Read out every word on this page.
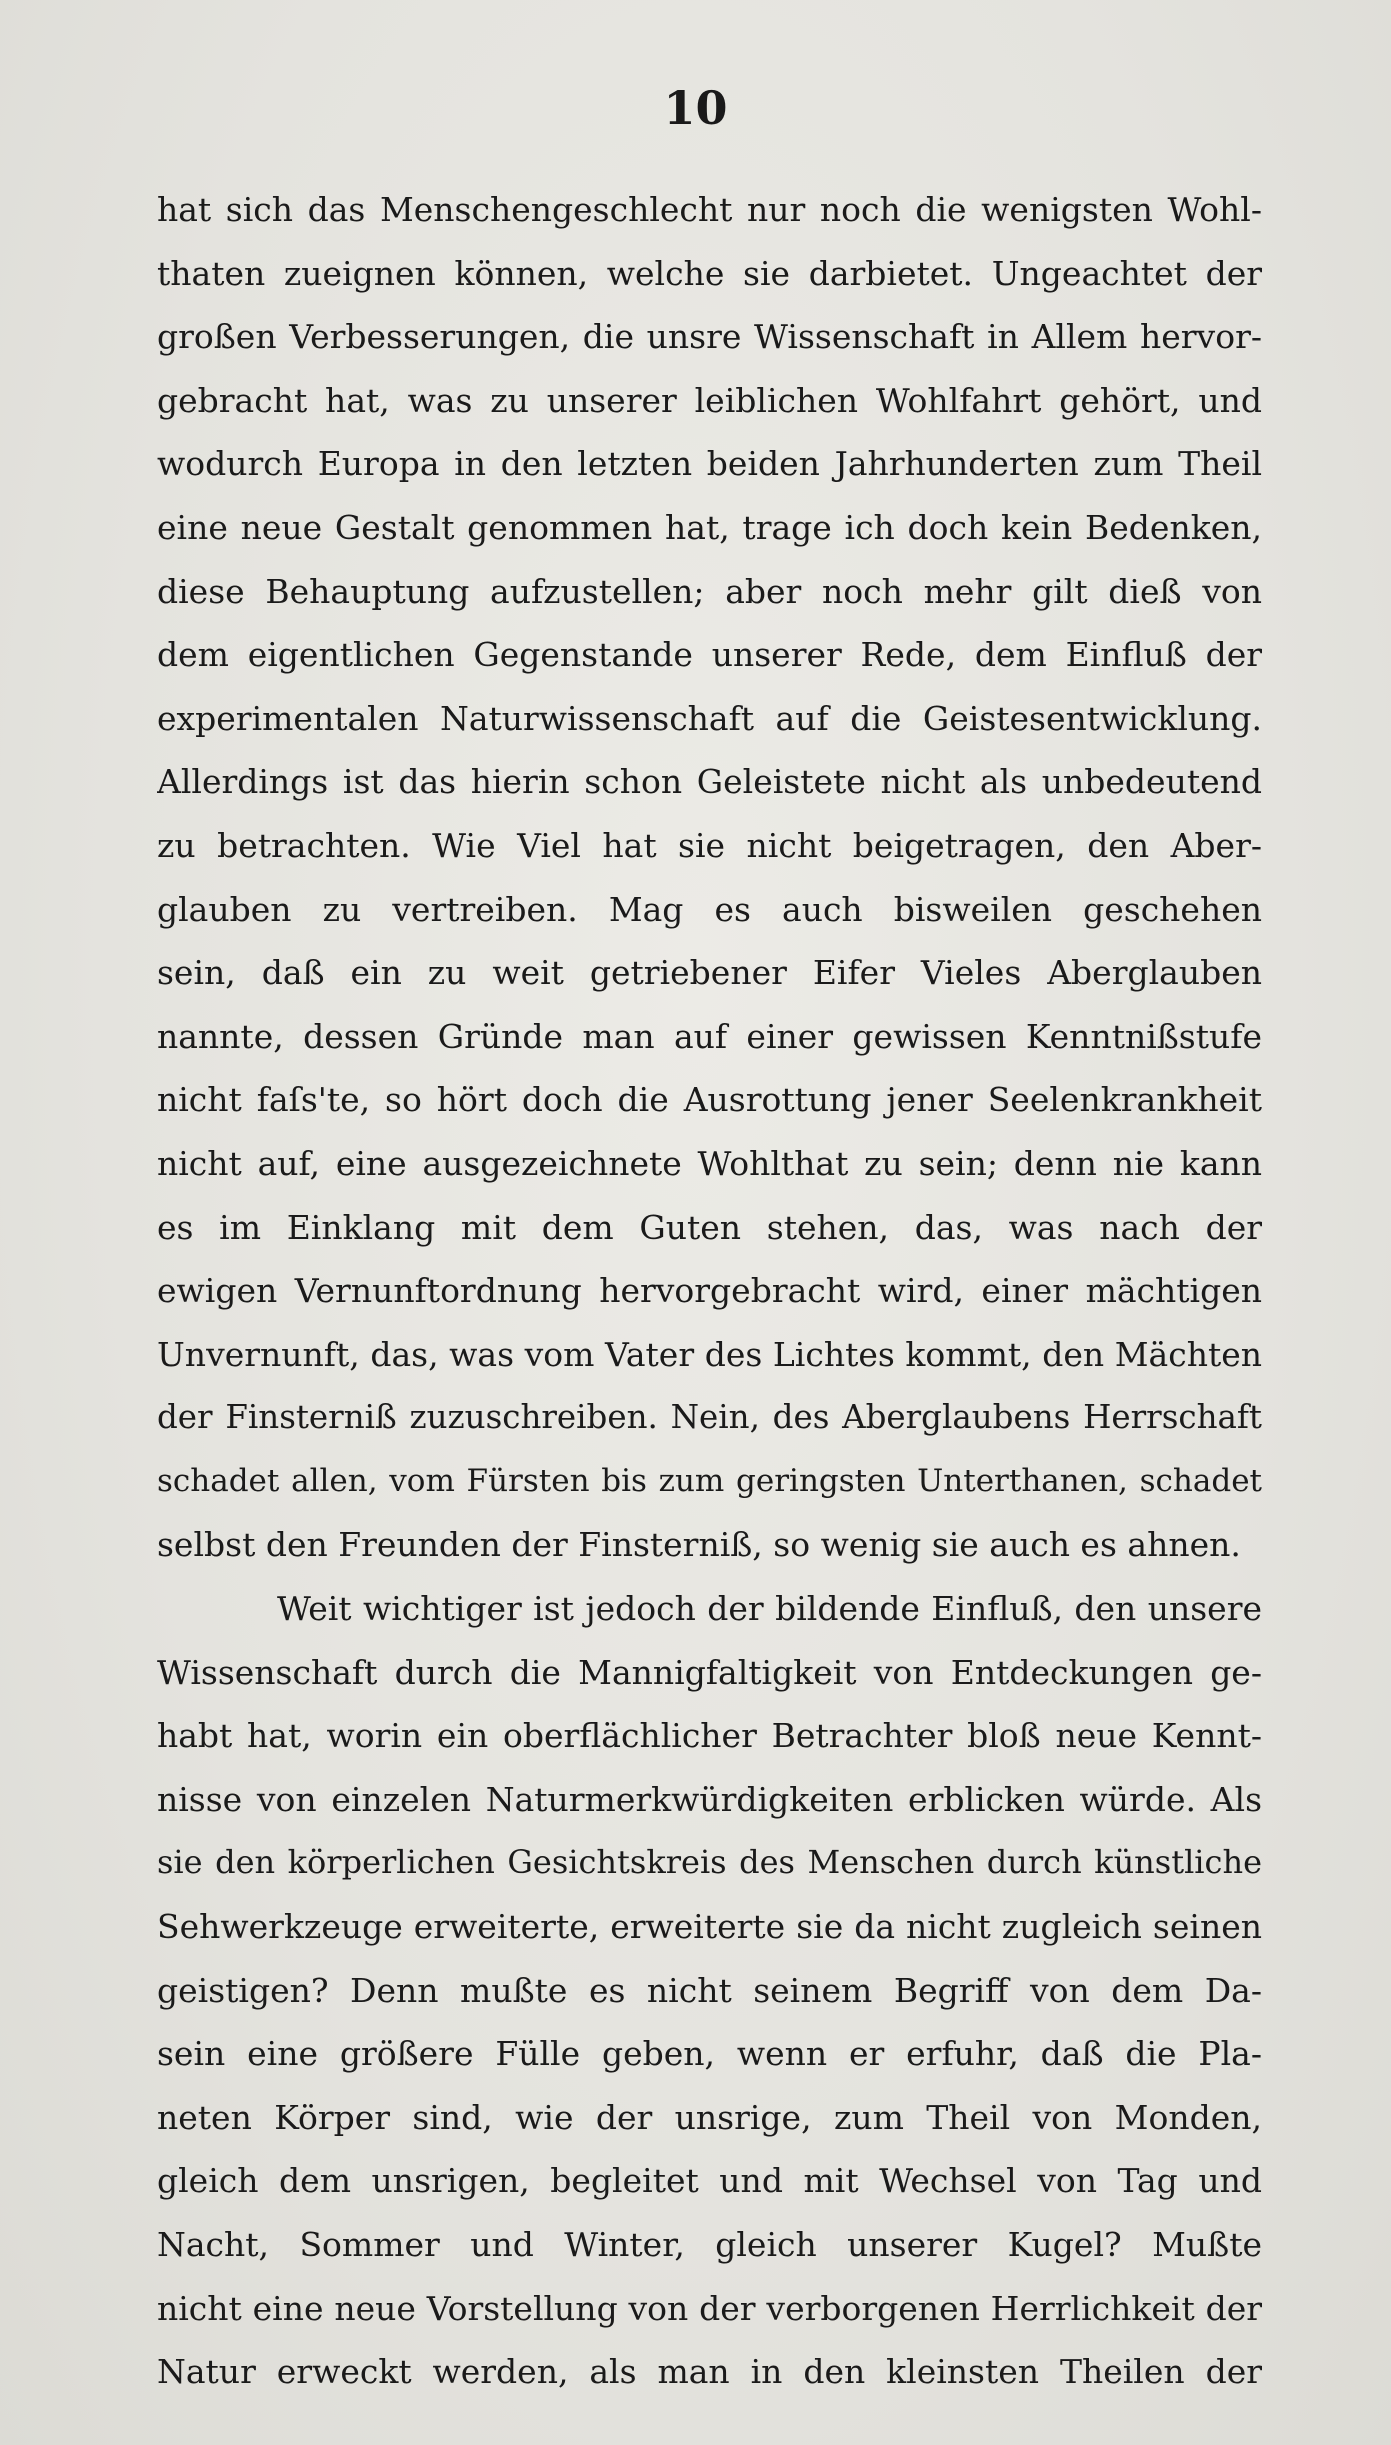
10
hat sich das Menschengeschlecht nur noch die wenigsten Wohl-
thaten zueignen können, welche sie darbietet. Ungeachtet der
großen Verbesserungen, die unsre Wissenschaft in Allem hervor-
gebracht hat, was zu unserer leiblichen Wohlfahrt gehört, und
wodurch Europa in den letzten beiden Jahrhunderten zum Theil
eine neue Gestalt genommen hat, trage ich doch kein Bedenken,
diese Behauptung aufzustellen; aber noch mehr gilt dieß von
dem eigentlichen Gegenstande unserer Rede, dem Einfluß der
experimentalen Naturwissenschaft auf die Geistesentwicklung.
Allerdings ist das hierin schon Geleistete nicht als unbedeutend
zu betrachten. Wie Viel hat sie nicht beigetragen, den Aber-
glauben zu vertreiben. Mag es auch bisweilen geschehen
sein, daß ein zu weit getriebener Eifer Vieles Aberglauben
nannte, dessen Gründe man auf einer gewissen Kenntnißstufe
nicht faſs'te, so hört doch die Ausrottung jener Seelenkrankheit
nicht auf, eine ausgezeichnete Wohlthat zu sein; denn nie kann
es im Einklang mit dem Guten stehen, das, was nach der
ewigen Vernunftordnung hervorgebracht wird, einer mächtigen
Unvernunft, das, was vom Vater des Lichtes kommt, den Mächten
der Finsterniß zuzuschreiben. Nein, des Aberglaubens Herrschaft
schadet allen, vom Fürsten bis zum geringsten Unterthanen, schadet
selbst den Freunden der Finsterniß, so wenig sie auch es ahnen.
Weit wichtiger ist jedoch der bildende Einfluß, den unsere
Wissenschaft durch die Mannigfaltigkeit von Entdeckungen ge-
habt hat, worin ein oberflächlicher Betrachter bloß neue Kennt-
nisse von einzelen Naturmerkwürdigkeiten erblicken würde. Als
sie den körperlichen Gesichtskreis des Menschen durch künstliche
Sehwerkzeuge erweiterte, erweiterte sie da nicht zugleich seinen
geistigen? Denn mußte es nicht seinem Begriff von dem Da-
sein eine größere Fülle geben, wenn er erfuhr, daß die Pla-
neten Körper sind, wie der unsrige, zum Theil von Monden,
gleich dem unsrigen, begleitet und mit Wechsel von Tag und
Nacht, Sommer und Winter, gleich unserer Kugel? Mußte
nicht eine neue Vorstellung von der verborgenen Herrlichkeit der
Natur erweckt werden, als man in den kleinsten Theilen der
